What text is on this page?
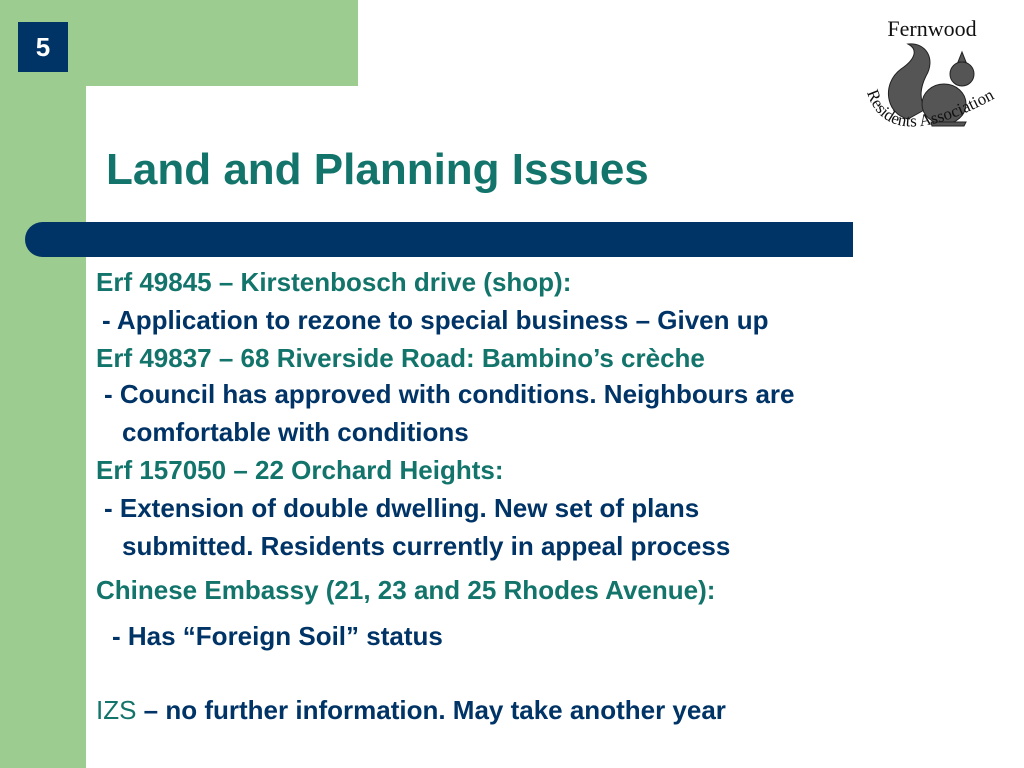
5
Land and Planning Issues
Fernwood
Residents Association
Erf 49845 – Kirstenbosch drive (shop):
- Application to rezone to special business – Given up
Erf 49837 – 68 Riverside Road: Bambino’s crèche
- Council has approved with conditions. Neighbours are
comfortable with conditions
Erf 157050 – 22 Orchard Heights:
- Extension of double dwelling. New set of plans
submitted. Residents currently in appeal process
Chinese Embassy (21, 23 and 25 Rhodes Avenue):
- Has “Foreign Soil” status
IZS – no further information. May take another year
